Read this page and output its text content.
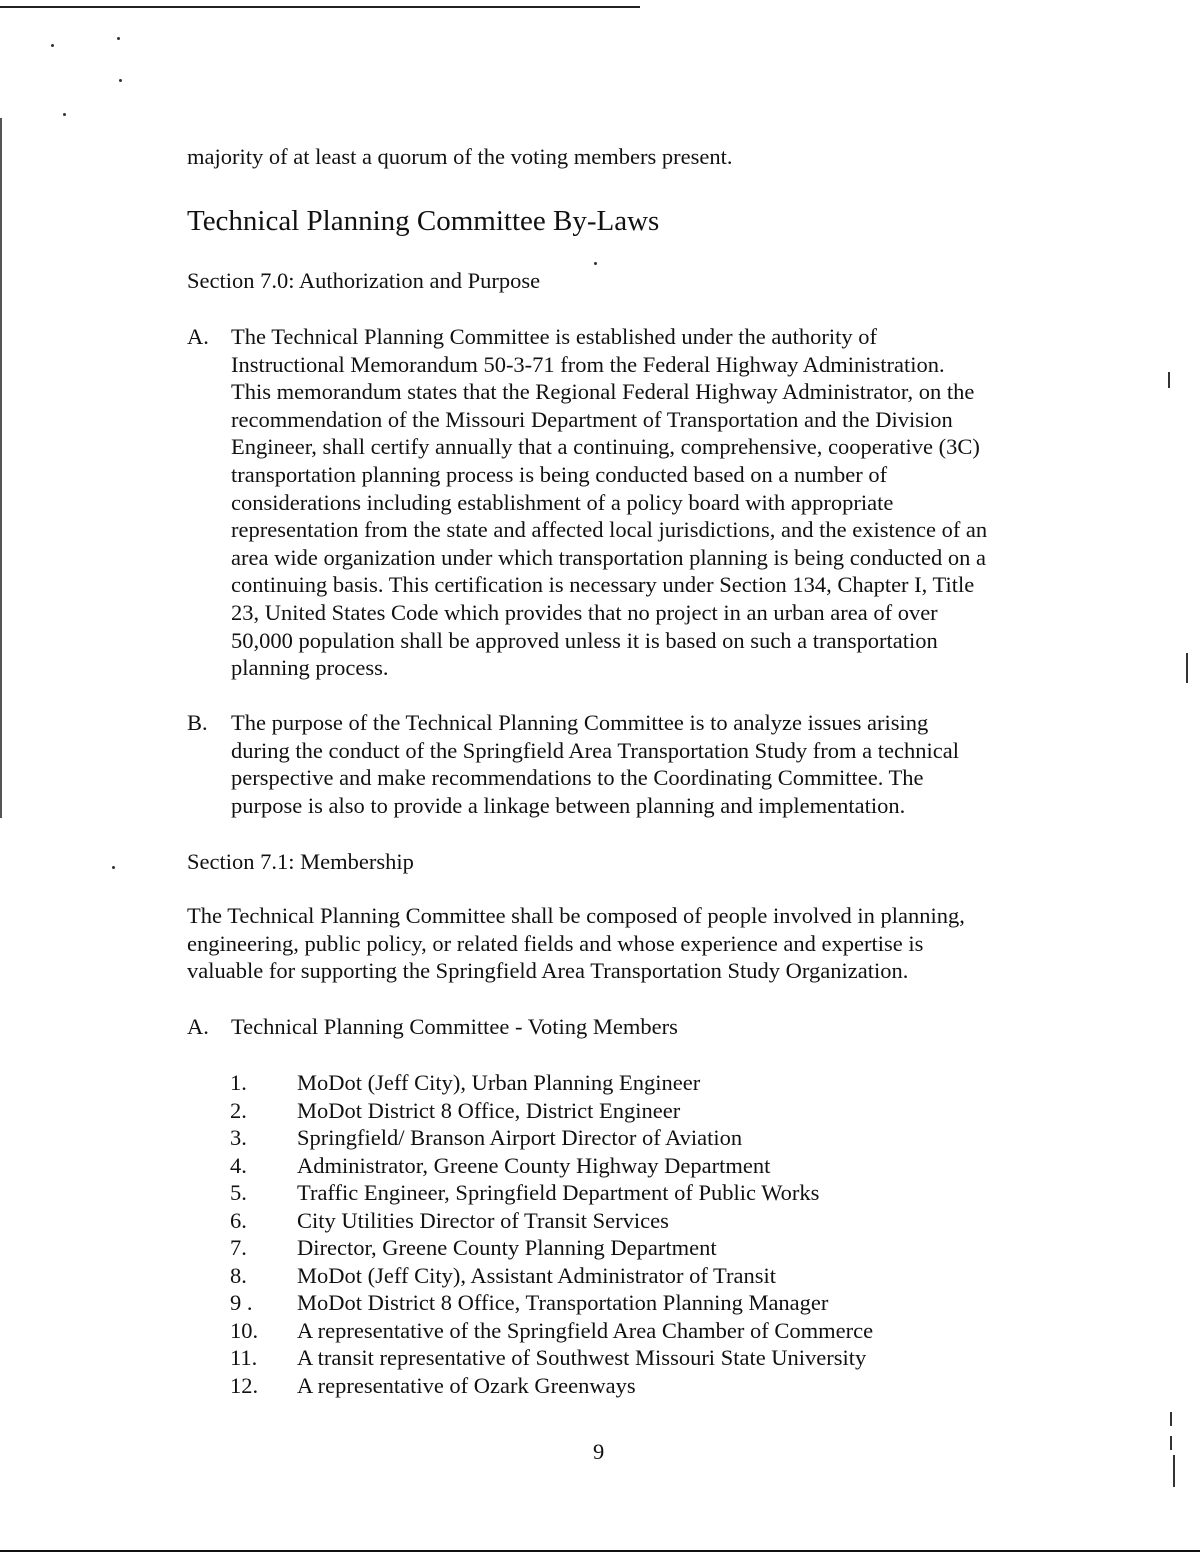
majority of at least a quorum of the voting members present.
Technical Planning Committee By-Laws
Section 7.0: Authorization and Purpose
A. The Technical Planning Committee is established under the authority of
Instructional Memorandum 50-3-71 from the Federal Highway Administration.
This memorandum states that the Regional Federal Highway Administrator, on the
recommendation of the Missouri Department of Transportation and the Division
Engineer, shall certify annually that a continuing, comprehensive, cooperative (3C)
transportation planning process is being conducted based on a number of
considerations including establishment of a policy board with appropriate
representation from the state and affected local jurisdictions, and the existence of an
area wide organization under which transportation planning is being conducted on a
continuing basis. This certification is necessary under Section 134, Chapter I, Title
23, United States Code which provides that no project in an urban area of over
50,000 population shall be approved unless it is based on such a transportation
planning process.
B. The purpose of the Technical Planning Committee is to analyze issues arising
during the conduct of the Springfield Area Transportation Study from a technical
perspective and make recommendations to the Coordinating Committee. The
purpose is also to provide a linkage between planning and implementation.
Section 7.1: Membership
The Technical Planning Committee shall be composed of people involved in planning,
engineering, public policy, or related fields and whose experience and expertise is
valuable for supporting the Springfield Area Transportation Study Organization.
A. Technical Planning Committee - Voting Members
1. MoDot (Jeff City), Urban Planning Engineer
2. MoDot District 8 Office, District Engineer
3. Springfield/ Branson Airport Director of Aviation
4. Administrator, Greene County Highway Department
5. Traffic Engineer, Springfield Department of Public Works
6. City Utilities Director of Transit Services
7. Director, Greene County Planning Department
8. MoDot (Jeff City), Assistant Administrator of Transit
9 . MoDot District 8 Office, Transportation Planning Manager
10. A representative of the Springfield Area Chamber of Commerce
11. A transit representative of Southwest Missouri State University
12. A representative of Ozark Greenways
9
